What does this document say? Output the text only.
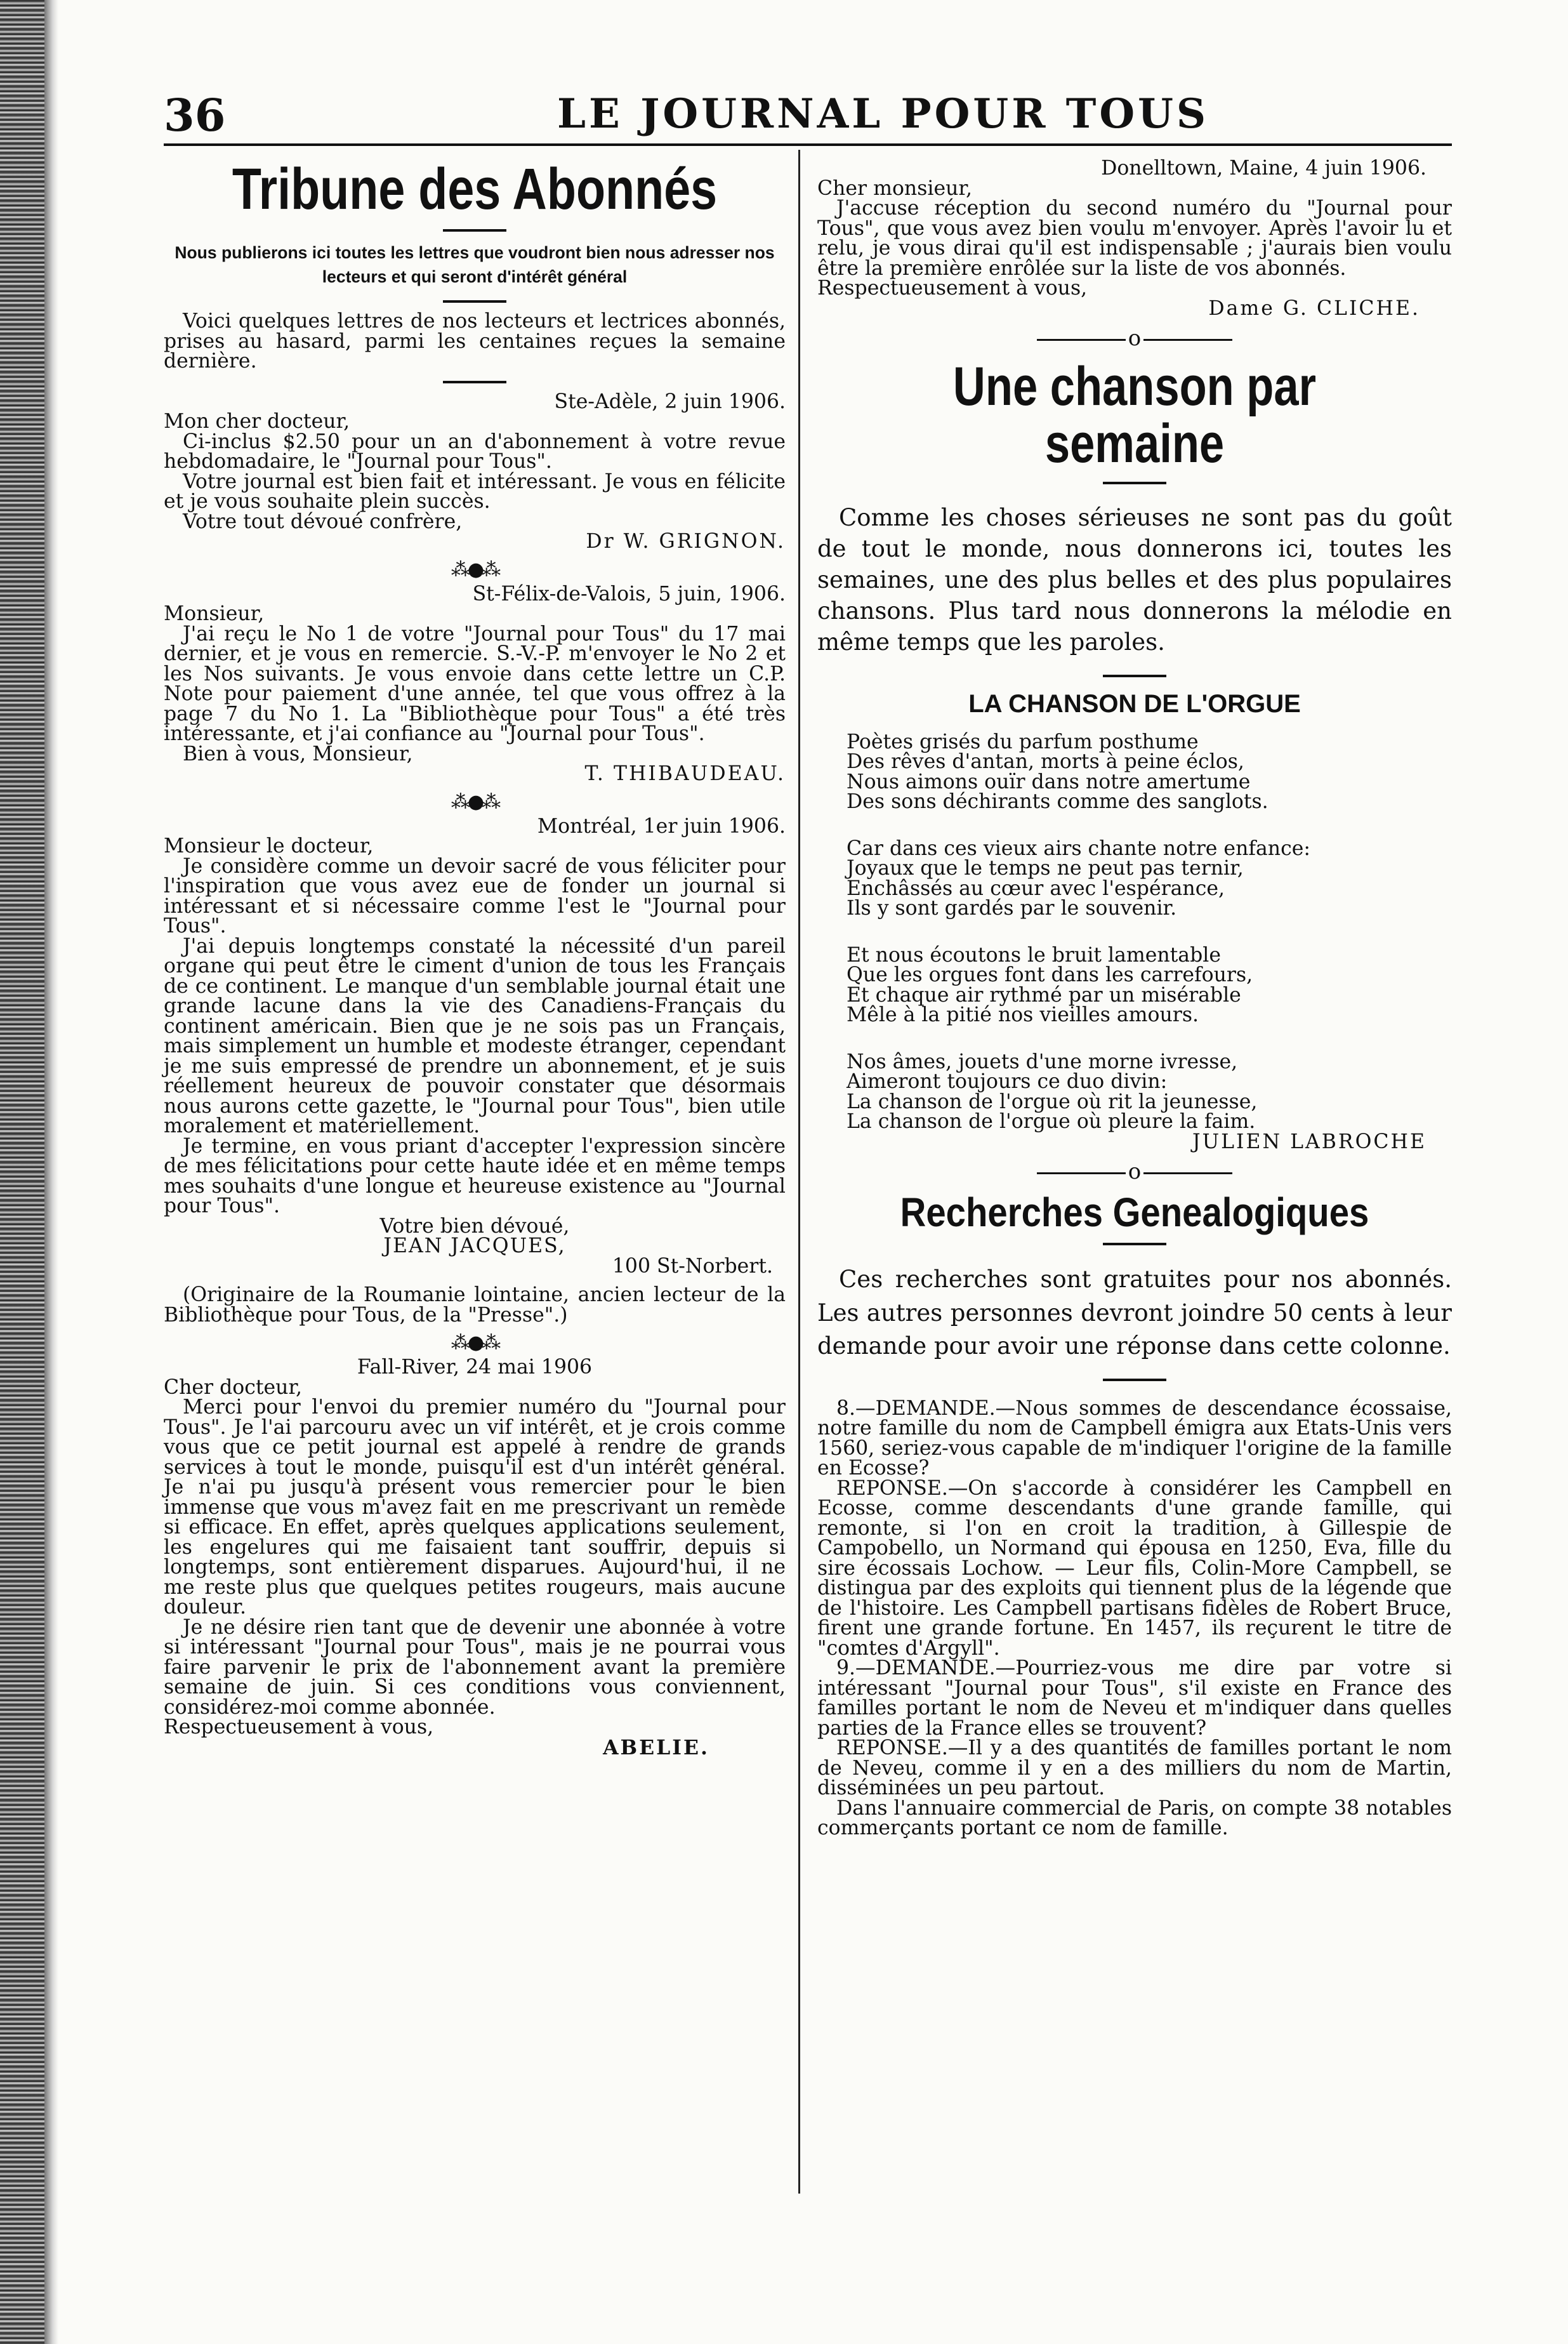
36	LE JOURNAL POUR TOUS
Tribune des Abonnés

Nous publierons ici toutes les lettres que voudront bien nous adresser nos lecteurs et qui seront d'intérêt général

Voici quelques lettres de nos lecteurs et lectrices abonnés, prises au hasard, parmi les centaines reçues la semaine dernière.

Ste-Adèle, 2 juin 1906.

Mon cher docteur,

Ci-inclus $2.50 pour un an d'abonnement à votre revue hebdomadaire, le "Journal pour Tous".

Votre journal est bien fait et intéressant. Je vous en félicite et je vous souhaite plein succès.

Votre tout dévoué confrère,

Dr W. GRIGNON.

⁂●⁂

St-Félix-de-Valois, 5 juin, 1906.

Monsieur,

J'ai reçu le No 1 de votre "Journal pour Tous" du 17 mai dernier, et je vous en remercie. S.-V.-P. m'envoyer le No 2 et les Nos suivants. Je vous envoie dans cette lettre un C.P. Note pour paiement d'une année, tel que vous offrez à la page 7 du No 1. La "Bibliothèque pour Tous" a été très intéressante, et j'ai confiance au "Journal pour Tous".

Bien à vous, Monsieur,

T. THIBAUDEAU.

⁂●⁂

Montréal, 1er juin 1906.

Monsieur le docteur,

Je considère comme un devoir sacré de vous féliciter pour l'inspiration que vous avez eue de fonder un journal si intéressant et si nécessaire comme l'est le "Journal pour Tous".

J'ai depuis longtemps constaté la nécessité d'un pareil organe qui peut être le ciment d'union de tous les Français de ce continent. Le manque d'un semblable journal était une grande lacune dans la vie des Canadiens-Français du continent américain. Bien que je ne sois pas un Français, mais simplement un humble et modeste étranger, cependant je me suis empressé de prendre un abonnement, et je suis réellement heureux de pouvoir constater que désormais nous aurons cette gazette, le "Journal pour Tous", bien utile moralement et matériellement.

Je termine, en vous priant d'accepter l'expression sincère de mes félicitations pour cette haute idée et en même temps mes souhaits d'une longue et heureuse existence au "Journal pour Tous".

Votre bien dévoué,

JEAN JACQUES,

100 St-Norbert.

(Originaire de la Roumanie lointaine, ancien lecteur de la Bibliothèque pour Tous, de la "Presse".)

⁂●⁂

Fall-River, 24 mai 1906

Cher docteur,

Merci pour l'envoi du premier numéro du "Journal pour Tous". Je l'ai parcouru avec un vif intérêt, et je crois comme vous que ce petit journal est appelé à rendre de grands services à tout le monde, puisqu'il est d'un intérêt général. Je n'ai pu jusqu'à présent vous remercier pour le bien immense que vous m'avez fait en me prescrivant un remède si efficace. En effet, après quelques applications seulement, les engelures qui me faisaient tant souffrir, depuis si longtemps, sont entièrement disparues. Aujourd'hui, il ne me reste plus que quelques petites rougeurs, mais aucune douleur.

Je ne désire rien tant que de devenir une abonnée à votre si intéressant "Journal pour Tous", mais je ne pourrai vous faire parvenir le prix de l'abonnement avant la première semaine de juin. Si ces conditions vous conviennent, considérez-moi comme abonnée.

Respectueusement à vous,

ABELIE.

Donelltown, Maine, 4 juin 1906.

Cher monsieur,

J'accuse réception du second numéro du "Journal pour Tous", que vous avez bien voulu m'envoyer. Après l'avoir lu et relu, je vous dirai qu'il est indispensable ; j'aurais bien voulu être la première enrôlée sur la liste de vos abonnés.

Respectueusement à vous,

Dame G. CLICHE.

o
Une chanson par semaine

Comme les choses sérieuses ne sont pas du goût de tout le monde, nous donnerons ici, toutes les semaines, une des plus belles et des plus populaires chansons. Plus tard nous donnerons la mélodie en même temps que les paroles.

LA CHANSON DE L'ORGUE

Poètes grisés du parfum posthume

Des rêves d'antan, morts à peine éclos,

Nous aimons ouïr dans notre amertume

Des sons déchirants comme des sanglots.

Car dans ces vieux airs chante notre enfance:

Joyaux que le temps ne peut pas ternir,

Enchâssés au cœur avec l'espérance,

Ils y sont gardés par le souvenir.

Et nous écoutons le bruit lamentable

Que les orgues font dans les carrefours,

Et chaque air rythmé par un misérable

Mêle à la pitié nos vieilles amours.

Nos âmes, jouets d'une morne ivresse,

Aimeront toujours ce duo divin:

La chanson de l'orgue où rit la jeunesse,

La chanson de l'orgue où pleure la faim.

JULIEN LABROCHE

o
Recherches Genealogiques

Ces recherches sont gratuites pour nos abonnés. Les autres personnes devront joindre 50 cents à leur demande pour avoir une réponse dans cette colonne.

8.—DEMANDE.—Nous sommes de descendance écossaise, notre famille du nom de Campbell émigra aux Etats-Unis vers 1560, seriez-vous capable de m'indiquer l'origine de la famille en Ecosse?

REPONSE.—On s'accorde à considérer les Campbell en Ecosse, comme descendants d'une grande famille, qui remonte, si l'on en croit la tradition, à Gillespie de Campobello, un Normand qui épousa en 1250, Eva, fille du sire écossais Lochow. — Leur fils, Colin-More Campbell, se distingua par des exploits qui tiennent plus de la légende que de l'histoire. Les Campbell partisans fidèles de Robert Bruce, firent une grande fortune. En 1457, ils reçurent le titre de "comtes d'Argyll".

9.—DEMANDE.—Pourriez-vous me dire par votre si intéressant "Journal pour Tous", s'il existe en France des familles portant le nom de Neveu et m'indiquer dans quelles parties de la France elles se trouvent?

REPONSE.—Il y a des quantités de familles portant le nom de Neveu, comme il y en a des milliers du nom de Martin, disséminées un peu partout.

Dans l'annuaire commercial de Paris, on compte 38 notables commerçants portant ce nom de famille.
